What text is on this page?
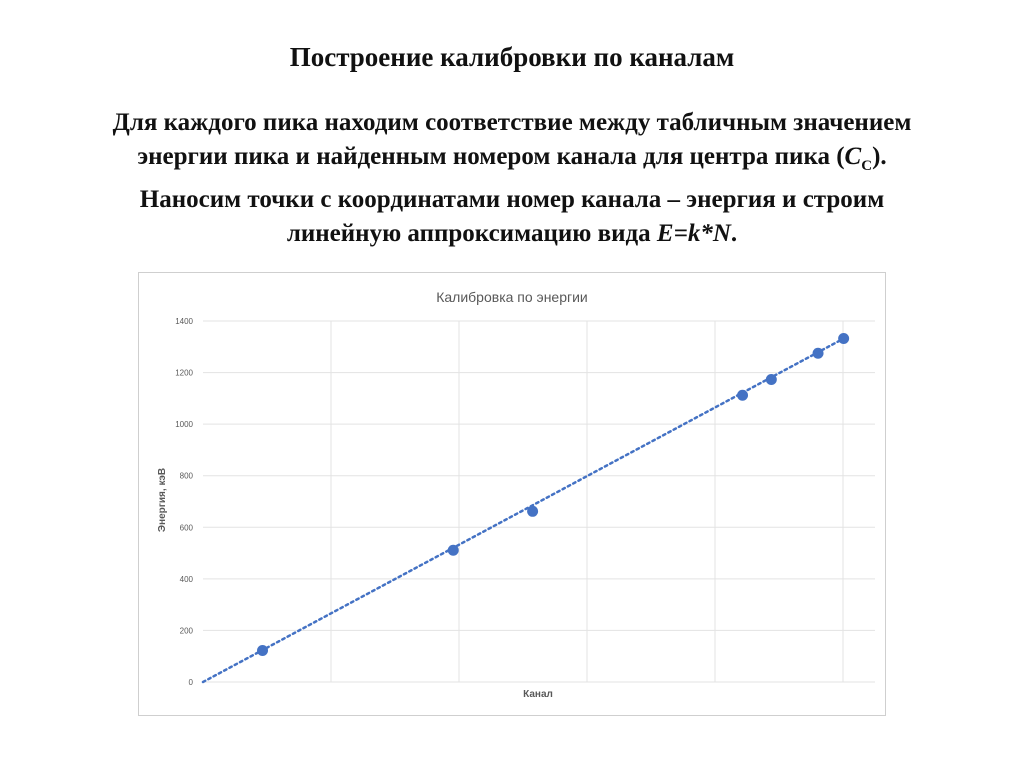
Построение калибровки по каналам
Для каждого пика находим соответствие между табличным значением
энергии пика и найденным номером канала для центра пика $(C_C)$.
Наносим точки с координатами номер канала – энергия и строим
линейную аппроксимацию вида E=k*N.
Калибровка по энергии
0
200
400
600
800
1000
1200
1400
Канал
Энергия, кэВ
